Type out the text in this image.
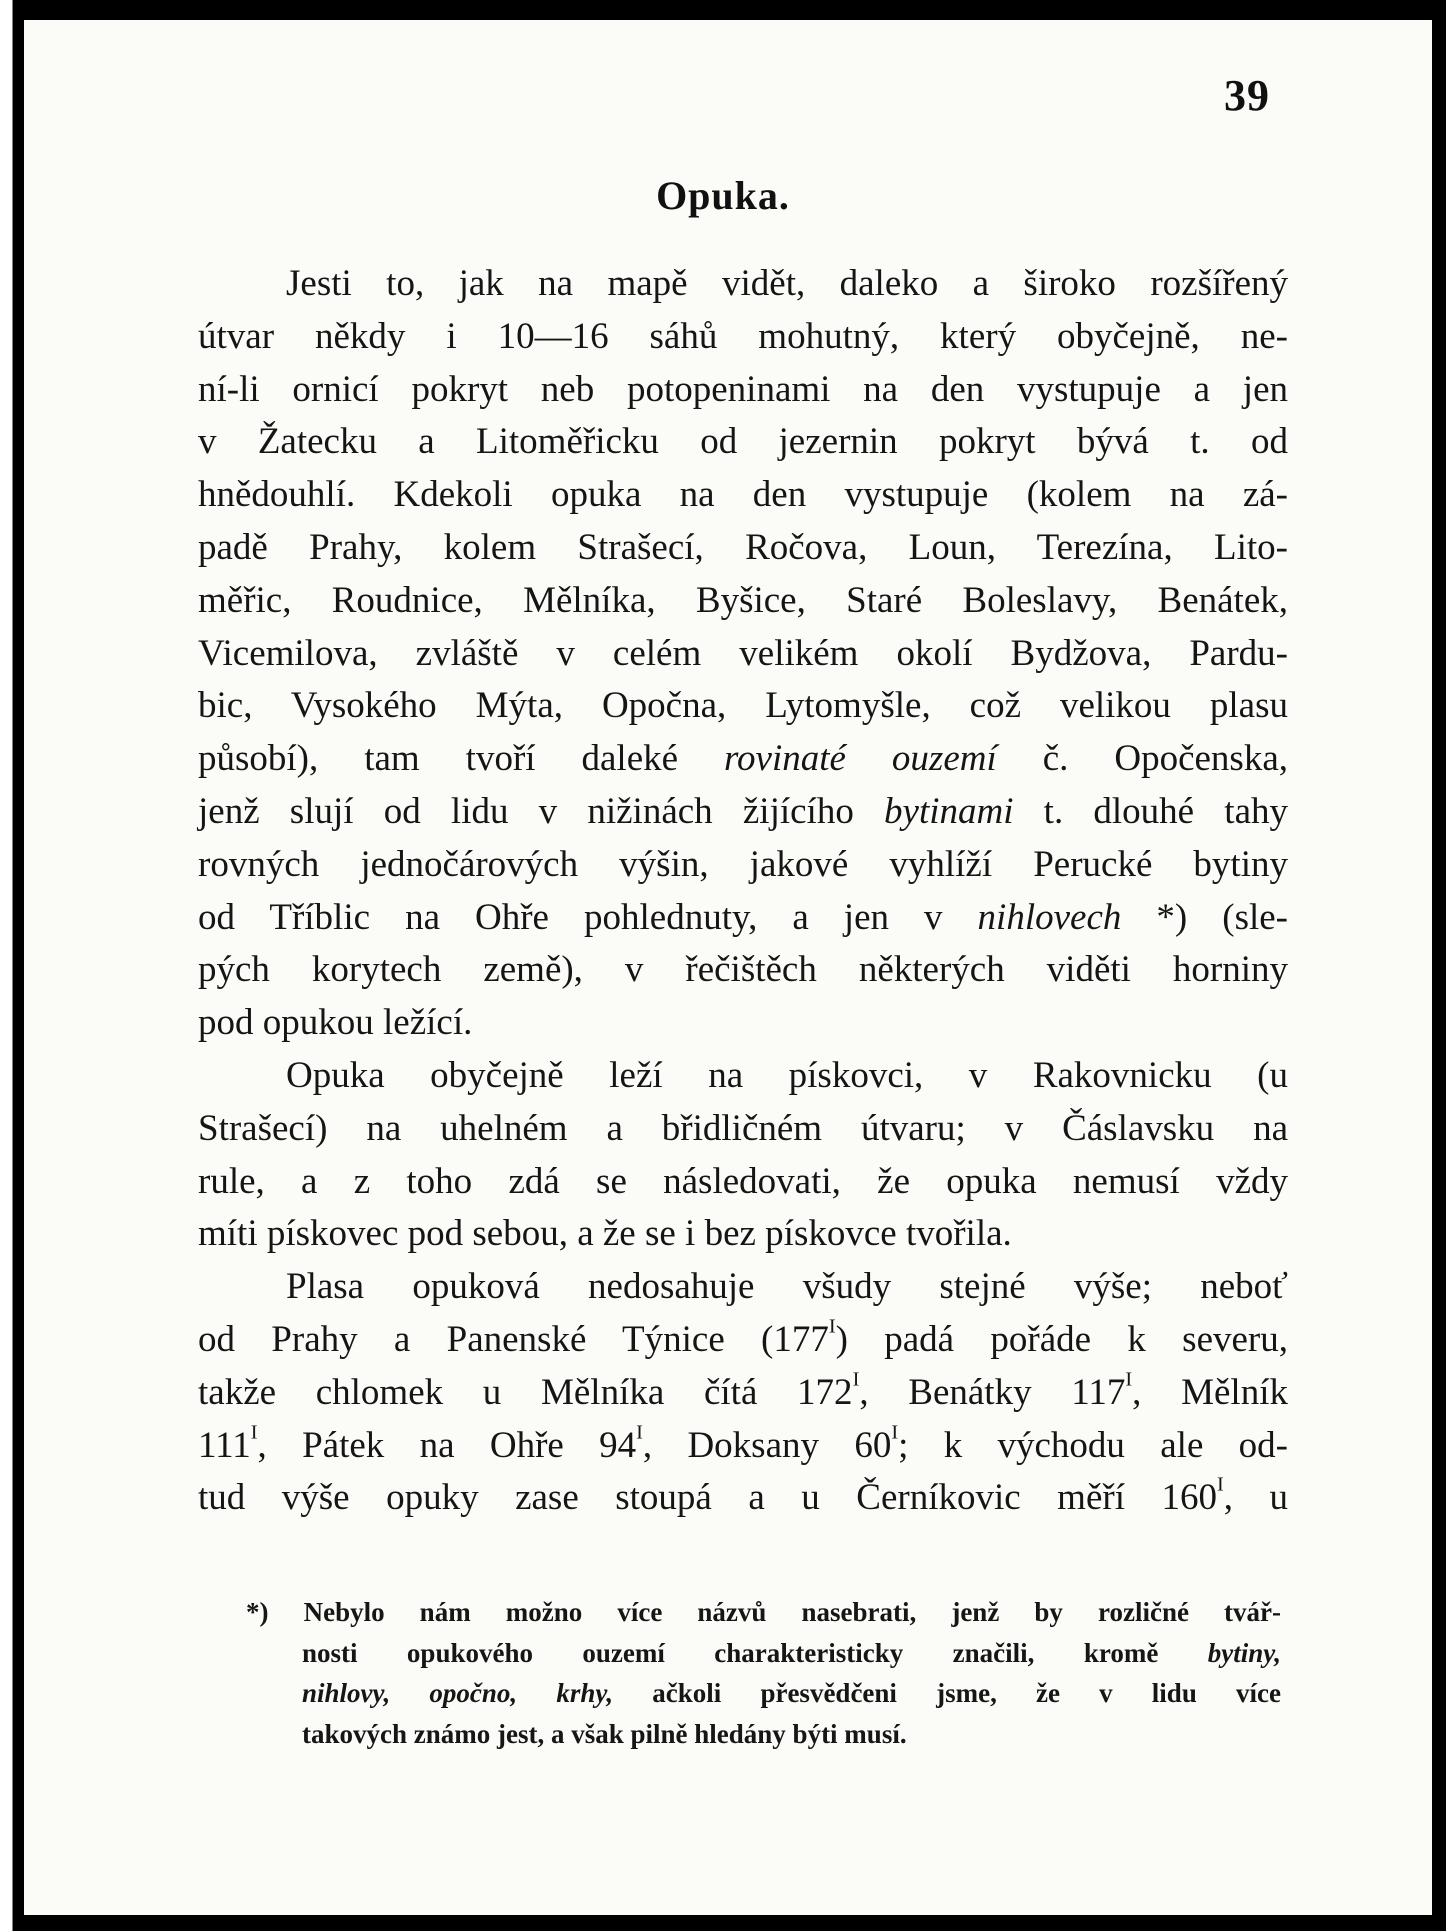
39
Opuka.

Jesti to, jak na mapě vidět, daleko a široko rozšířený
útvar někdy i 10—16 sáhů mohutný, který obyčejně, ne-
ní-li ornicí pokryt neb potopeninami na den vystupuje a jen
v Žatecku a Litoměřicku od jezernin pokryt bývá t. od
hnědouhlí. Kdekoli opuka na den vystupuje (kolem na zá-
padě Prahy, kolem Strašecí, Ročova, Loun, Terezína, Lito-
měřic, Roudnice, Mělníka, Byšice, Staré Boleslavy, Benátek,
Vicemilova, zvláště v celém velikém okolí Bydžova, Pardu-
bic, Vysokého Mýta, Opočna, Lytomyšle, což velikou plasu
působí), tam tvoří daleké rovinaté ouzemí č. Opočenska,
jenž slují od lidu v nižinách žijícího bytinami t. dlouhé tahy
rovných jednočárových výšin, jakové vyhlíží Perucké bytiny
od Tříblic na Ohře pohlednuty, a jen v nihlovech *) (sle-
pých korytech země), v řečištěch některých viděti horniny
pod opukou ležící.

Opuka obyčejně leží na pískovci, v Rakovnicku (u
Strašecí) na uhelném a břidličném útvaru; v Čáslavsku na
rule, a z toho zdá se následovati, že opuka nemusí vždy
míti pískovec pod sebou, a že se i bez pískovce tvořila.

Plasa opuková nedosahuje všudy stejné výše; neboť
od Prahy a Panenské Týnice $(177^I)$ padá pořáde k severu,
takže chlomek u Mělníka čítá $172^I$, Benátky $117^I$, Mělník
$111^I$, Pátek na Ohře $94^I$, Doksany $60^I$; k východu ale od-
tud výše opuky zase stoupá a u Černíkovic měří $160^I$, u

*) Nebylo nám možno více názvů nasebrati, jenž by rozličné tvář-
nosti opukového ouzemí charakteristicky značili, kromě bytiny,
nihlovy, opočno, krhy, ačkoli přesvědčeni jsme, že v lidu více
takových známo jest, a však pilně hledány býti musí.
